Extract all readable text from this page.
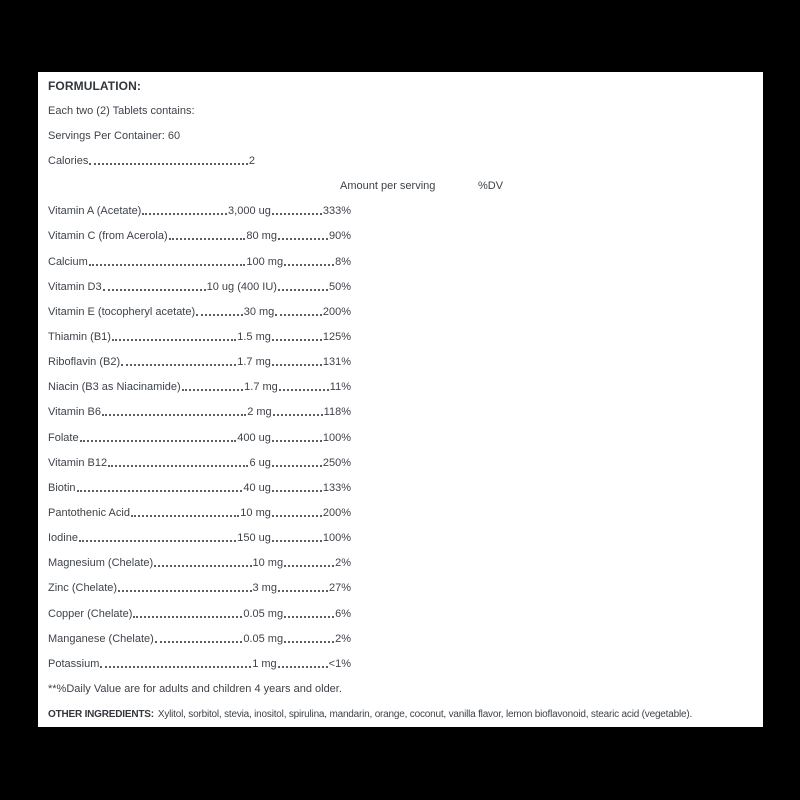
FORMULATION:
Each two (2) Tablets contains:
Servings Per Container: 60
Calories	2
Amount per serving	%DV
Vitamin A (Acetate)	3,000 ug	333%
Vitamin C (from Acerola)	80 mg	90%
Calcium	100 mg	8%
Vitamin D3	10 ug (400 IU)	50%
Vitamin E (tocopheryl acetate)	30 mg	200%
Thiamin (B1)	1.5 mg	125%
Riboflavin (B2)	1.7 mg	131%
Niacin (B3 as Niacinamide)	1.7 mg	11%
Vitamin B6	2 mg	118%
Folate	400 ug	100%
Vitamin B12	6 ug	250%
Biotin	40 ug	133%
Pantothenic Acid	10 mg	200%
Iodine	150 ug	100%
Magnesium (Chelate)	10 mg	2%
Zinc (Chelate)	3 mg	27%
Copper (Chelate)	0.05 mg	6%
Manganese (Chelate)	0.05 mg	2%
Potassium	1 mg	<1%
**%Daily Value are for adults and children 4 years and older.
OTHER INGREDIENTS: Xylitol, sorbitol, stevia, inositol, spirulina, mandarin, orange, coconut, vanilla flavor, lemon bioflavonoid, stearic acid (vegetable).
